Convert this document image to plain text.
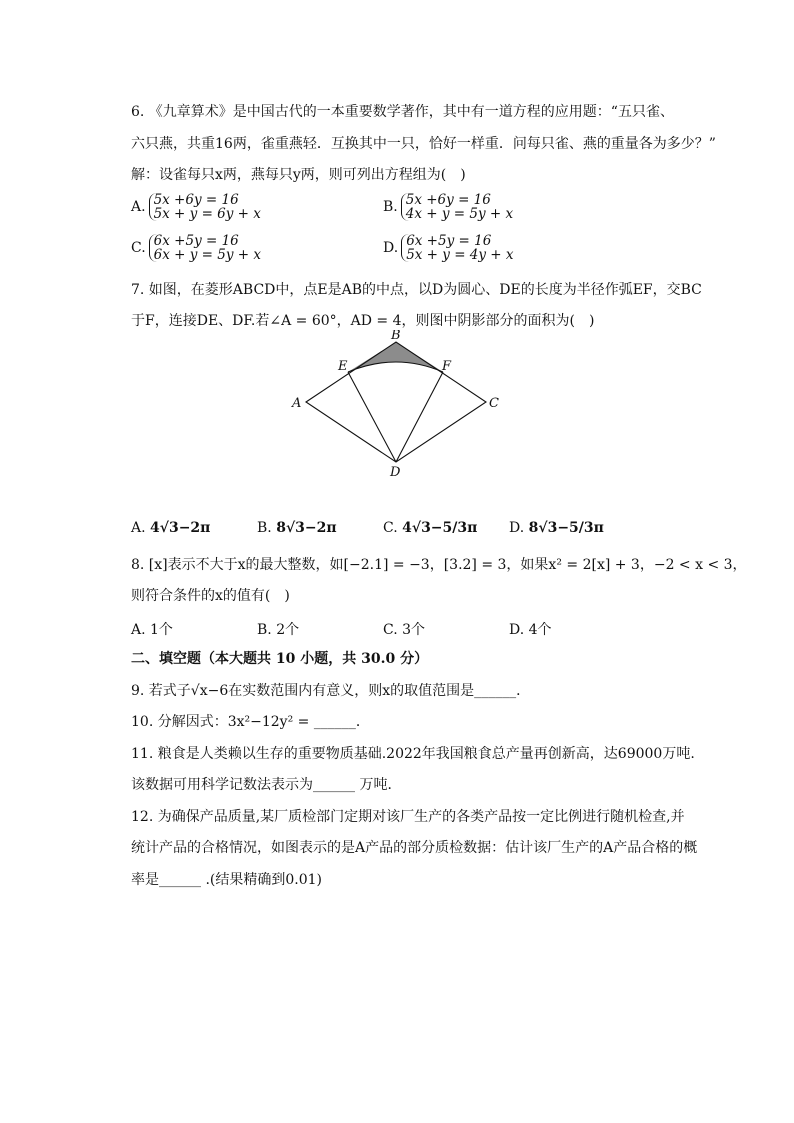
6. 《九章算术》是中国古代的一本重要数学著作，其中有一道方程的应用题：“五只雀、
六只燕，共重16两，雀重燕轻．互换其中一只，恰好一样重．问每只雀、燕的重量各为多少？”
解：设雀每只x两，燕每只y两，则可列出方程组为(　)
A. 5x +6y = 16
5x + y = 6y + x	B. 5x +6y = 16
4x + y = 5y + x
C. 6x +5y = 16
6x + y = 5y + x	D. 6x +5y = 16
5x + y = 4y + x
7. 如图，在菱形ABCD中，点E是AB的中点，以D为圆心、DE的长度为半径作弧EF，交BC
于F，连接DE、DF.若∠A = 60°，AD = 4，则图中阴影部分的面积为(　)
A
B
C
D
E	F
A. 4√3−2π	B. 8√3−2π	C. 4√3−5/3π D. 8√3−5/3π
8. [x]表示不大于x的最大整数，如[−2.1] = −3，[3.2] = 3，如果x² = 2[x] + 3，−2 < x < 3，
则符合条件的x的值有(　)
A. 1个	B. 2个	C. 3个	D. 4个
二、填空题（本大题共 10 小题，共 30.0 分）
9. 若式子√x−6在实数范围内有意义，则x的取值范围是______．
10. 分解因式：3x²−12y² = ______．
11. 粮食是人类赖以生存的重要物质基础.2022年我国粮食总产量再创新高，达69000万吨.
该数据可用科学记数法表示为______ 万吨．
12. 为确保产品质量,某厂质检部门定期对该厂生产的各类产品按一定比例进行随机检查,并
统计产品的合格情况，如图表示的是A产品的部分质检数据：估计该厂生产的A产品合格的概
率是______ .(结果精确到0.01)
